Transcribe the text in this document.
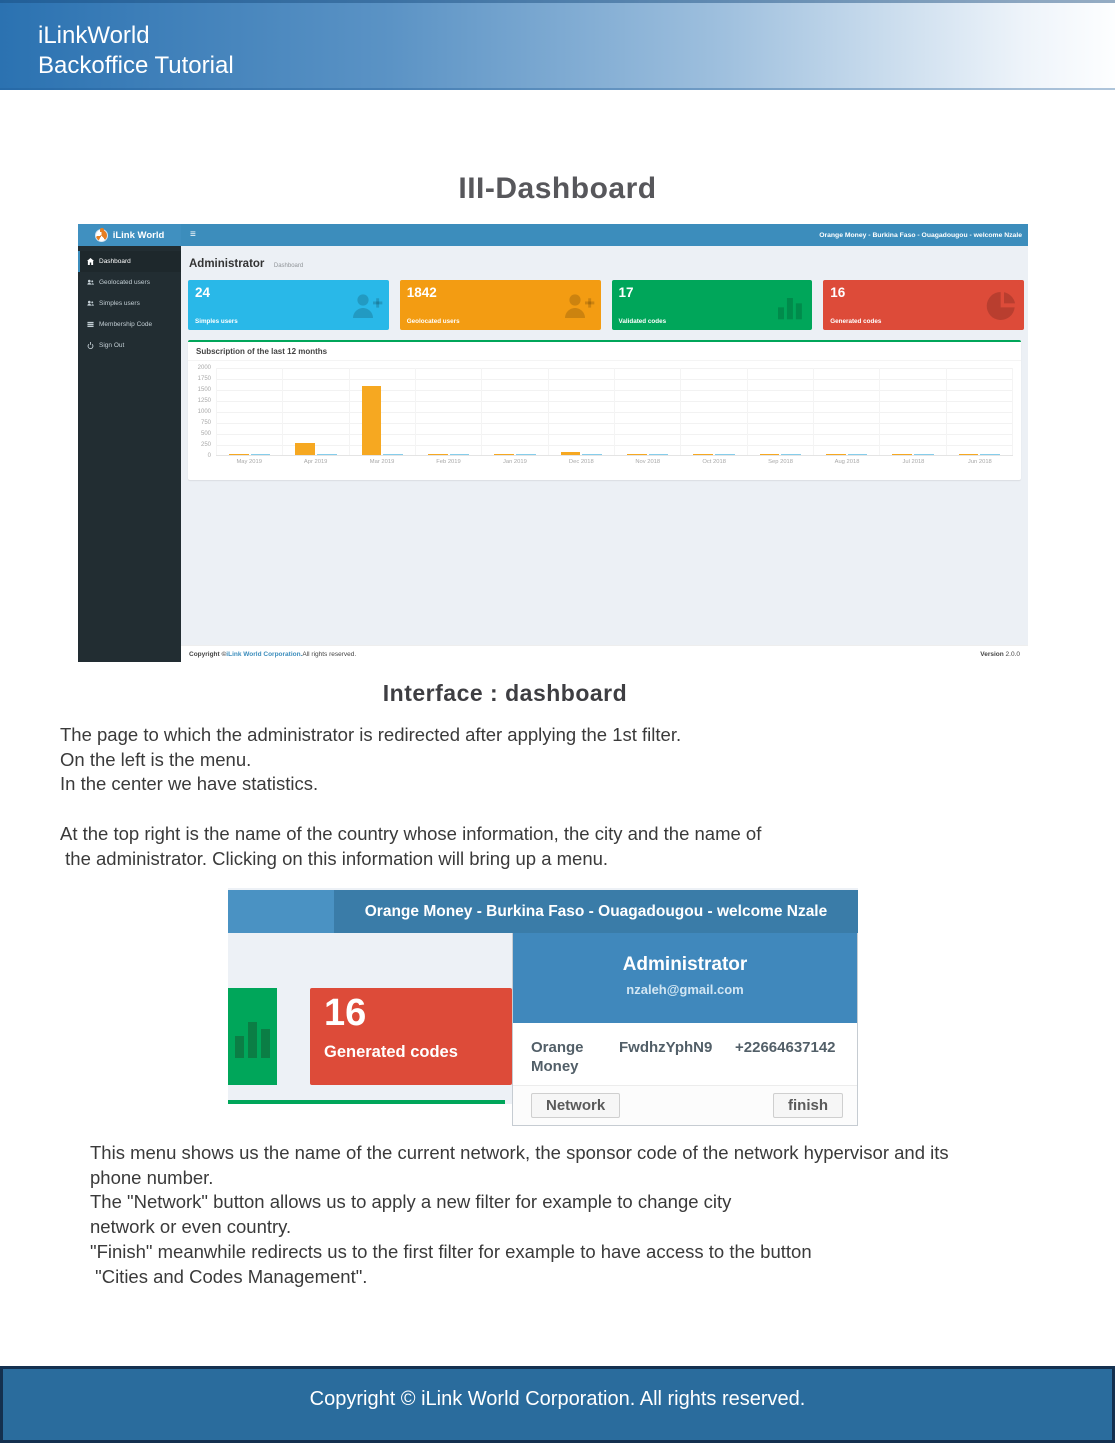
iLinkWorld
Backoffice Tutorial
III-Dashboard
iLink World	≡	Orange Money - Burkina Faso - Ouagadougou - welcome Nzale
Dashboard
Geolocated users
Simples users
Membership Code
Sign Out
Administrator Dashboard
24
Simples users
1842
Geolocated users
17
Validated codes
16
Generated codes
Subscription of the last 12 months
0
250
500
750
1000
1250
1500
1750
2000
May 2019	Apr 2019	Mar 2019	Feb 2019	Jan 2019	Dec 2018	Nov 2018	Oct 2018	Sep 2018	Aug 2018	Jul 2018	Jun 2018
Copyright © iLink World Corporation. All rights reserved.	Version 2.0.0
Interface : dashboard
The page to which the administrator is redirected after applying the 1st filter.
On the left is the menu.
In the center we have statistics.
At the top right is the name of the country whose information, the city and the name of
the administrator. Clicking on this information will bring up a menu.
Orange Money - Burkina Faso - Ouagadougou - welcome Nzale
16
Generated codes
Administrator
nzaleh@gmail.com
Orange Money
FwdhzYphN9	+22664637142
Network	finish
This menu shows us the name of the current network, the sponsor code of the network hypervisor and its
phone number.
The "Network" button allows us to apply a new filter for example to change city
network or even country.
"Finish" meanwhile redirects us to the first filter for example to have access to the button
"Cities and Codes Management".
Copyright © iLink World Corporation. All rights reserved.
